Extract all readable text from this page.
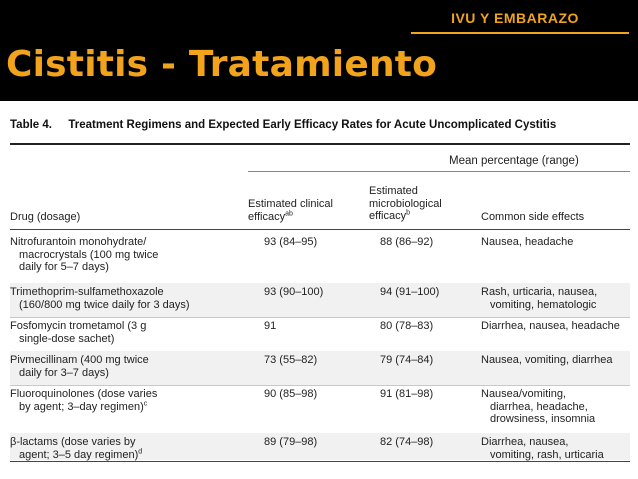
IVU Y EMBARAZO
Cistitis - Tratamiento
Table 4. Treatment Regimens and Expected Early Efficacy Rates for Acute Uncomplicated Cystitis
Mean percentage (range)
Drug (dosage)
Estimated clinical
efficacy$^{ab}$
Estimated
microbiological
efficacy$^b$	Common side effects
Nitrofurantoin monohydrate/
macrocrystals (100 mg twice
daily for 5–7 days)
93 (84–95)	88 (86–92)	Nausea, headache
Trimethoprim-sulfamethoxazole
(160/800 mg twice daily for 3 days)
93 (90–100)	94 (91–100)	Rash, urticaria, nausea,
vomiting, hematologic
Fosfomycin trometamol (3 g
single-dose sachet)
91	80 (78–83)	Diarrhea, nausea, headache
Pivmecillinam (400 mg twice
daily for 3–7 days)
73 (55–82)	79 (74–84)	Nausea, vomiting, diarrhea
Fluoroquinolones (dose varies
by agent; 3–day regimen)$^c$
90 (85–98)	91 (81–98)	Nausea/vomiting,
diarrhea, headache,
drowsiness, insomnia
β-lactams (dose varies by
agent; 3–5 day regimen)$^d$
89 (79–98)	82 (74–98)	Diarrhea, nausea,
vomiting, rash, urticaria
